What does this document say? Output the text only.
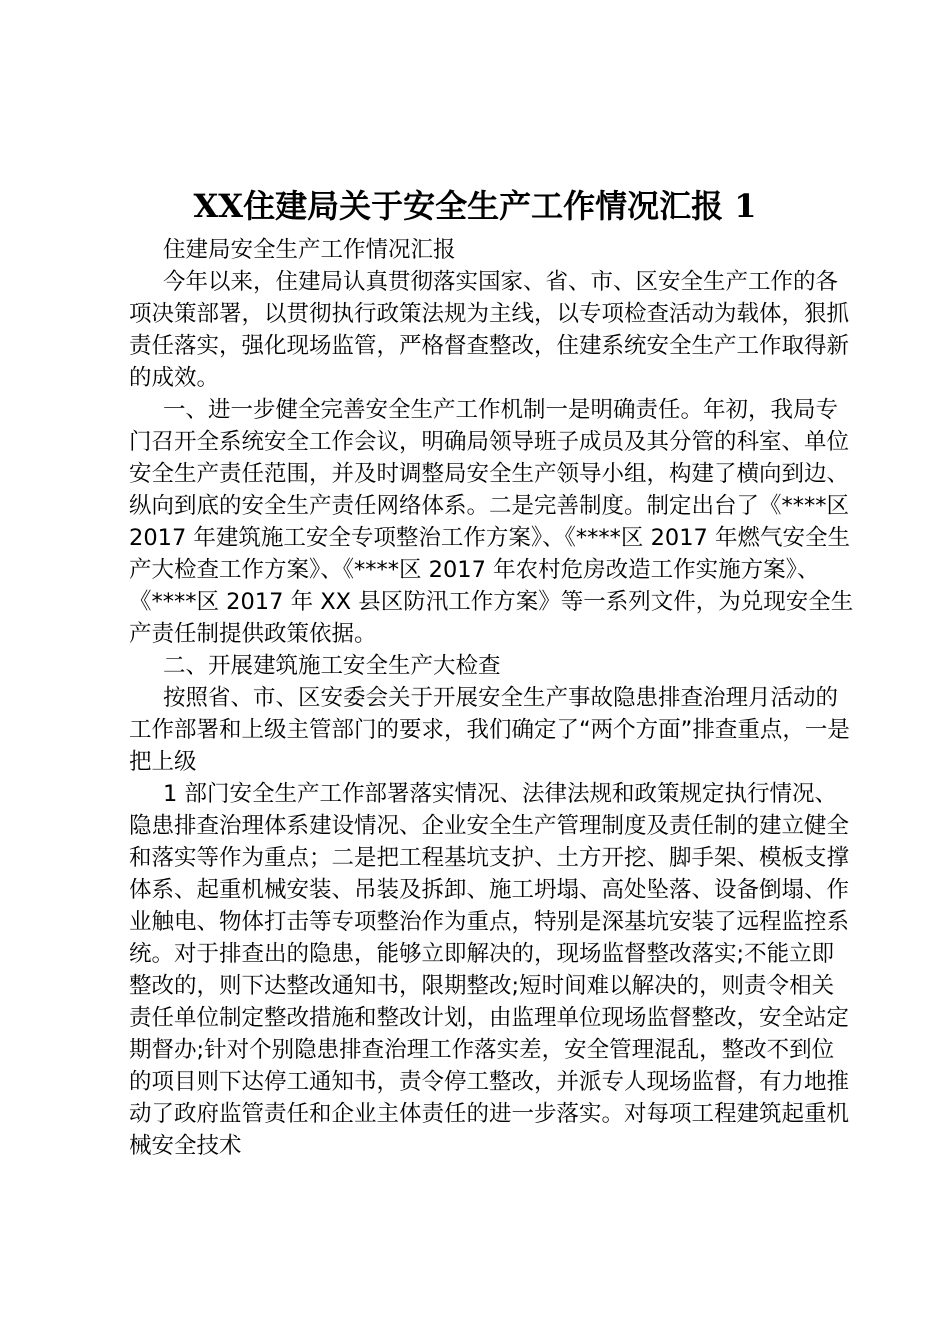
XX住建局关于安全生产工作情况汇报 1

住建局安全生产工作情况汇报

今年以来，住建局认真贯彻落实国家、省、市、区安全生产工作的各项决策部署，以贯彻执行政策法规为主线，以专项检查活动为载体，狠抓责任落实，强化现场监管，严格督查整改，住建系统安全生产工作取得新的成效。

一、进一步健全完善安全生产工作机制一是明确责任。年初，我局专门召开全系统安全工作会议，明确局领导班子成员及其分管的科室、单位安全生产责任范围，并及时调整局安全生产领导小组，构建了横向到边、纵向到底的安全生产责任网络体系。二是完善制度。制定出台了《****区 2017 年建筑施工安全专项整治工作方案》、《****区 2017 年燃气安全生产大检查工作方案》、《****区 2017 年农村危房改造工作实施方案》、《****区 2017 年 XX 县区防汛工作方案》等一系列文件，为兑现安全生产责任制提供政策依据。

二、开展建筑施工安全生产大检查

按照省、市、区安委会关于开展安全生产事故隐患排查治理月活动的工作部署和上级主管部门的要求，我们确定了“两个方面”排查重点，一是把上级

1 部门安全生产工作部署落实情况、法律法规和政策规定执行情况、隐患排查治理体系建设情况、企业安全生产管理制度及责任制的建立健全和落实等作为重点；二是把工程基坑支护、土方开挖、脚手架、模板支撑体系、起重机械安装、吊装及拆卸、施工坍塌、高处坠落、设备倒塌、作业触电、物体打击等专项整治作为重点，特别是深基坑安装了远程监控系统。对于排查出的隐患，能够立即解决的，现场监督整改落实;不能立即整改的，则下达整改通知书，限期整改;短时间难以解决的，则责令相关责任单位制定整改措施和整改计划，由监理单位现场监督整改，安全站定期督办;针对个别隐患排查治理工作落实差，安全管理混乱，整改不到位的项目则下达停工通知书，责令停工整改，并派专人现场监督，有力地推动了政府监管责任和企业主体责任的进一步落实。对每项工程建筑起重机械安全技术
